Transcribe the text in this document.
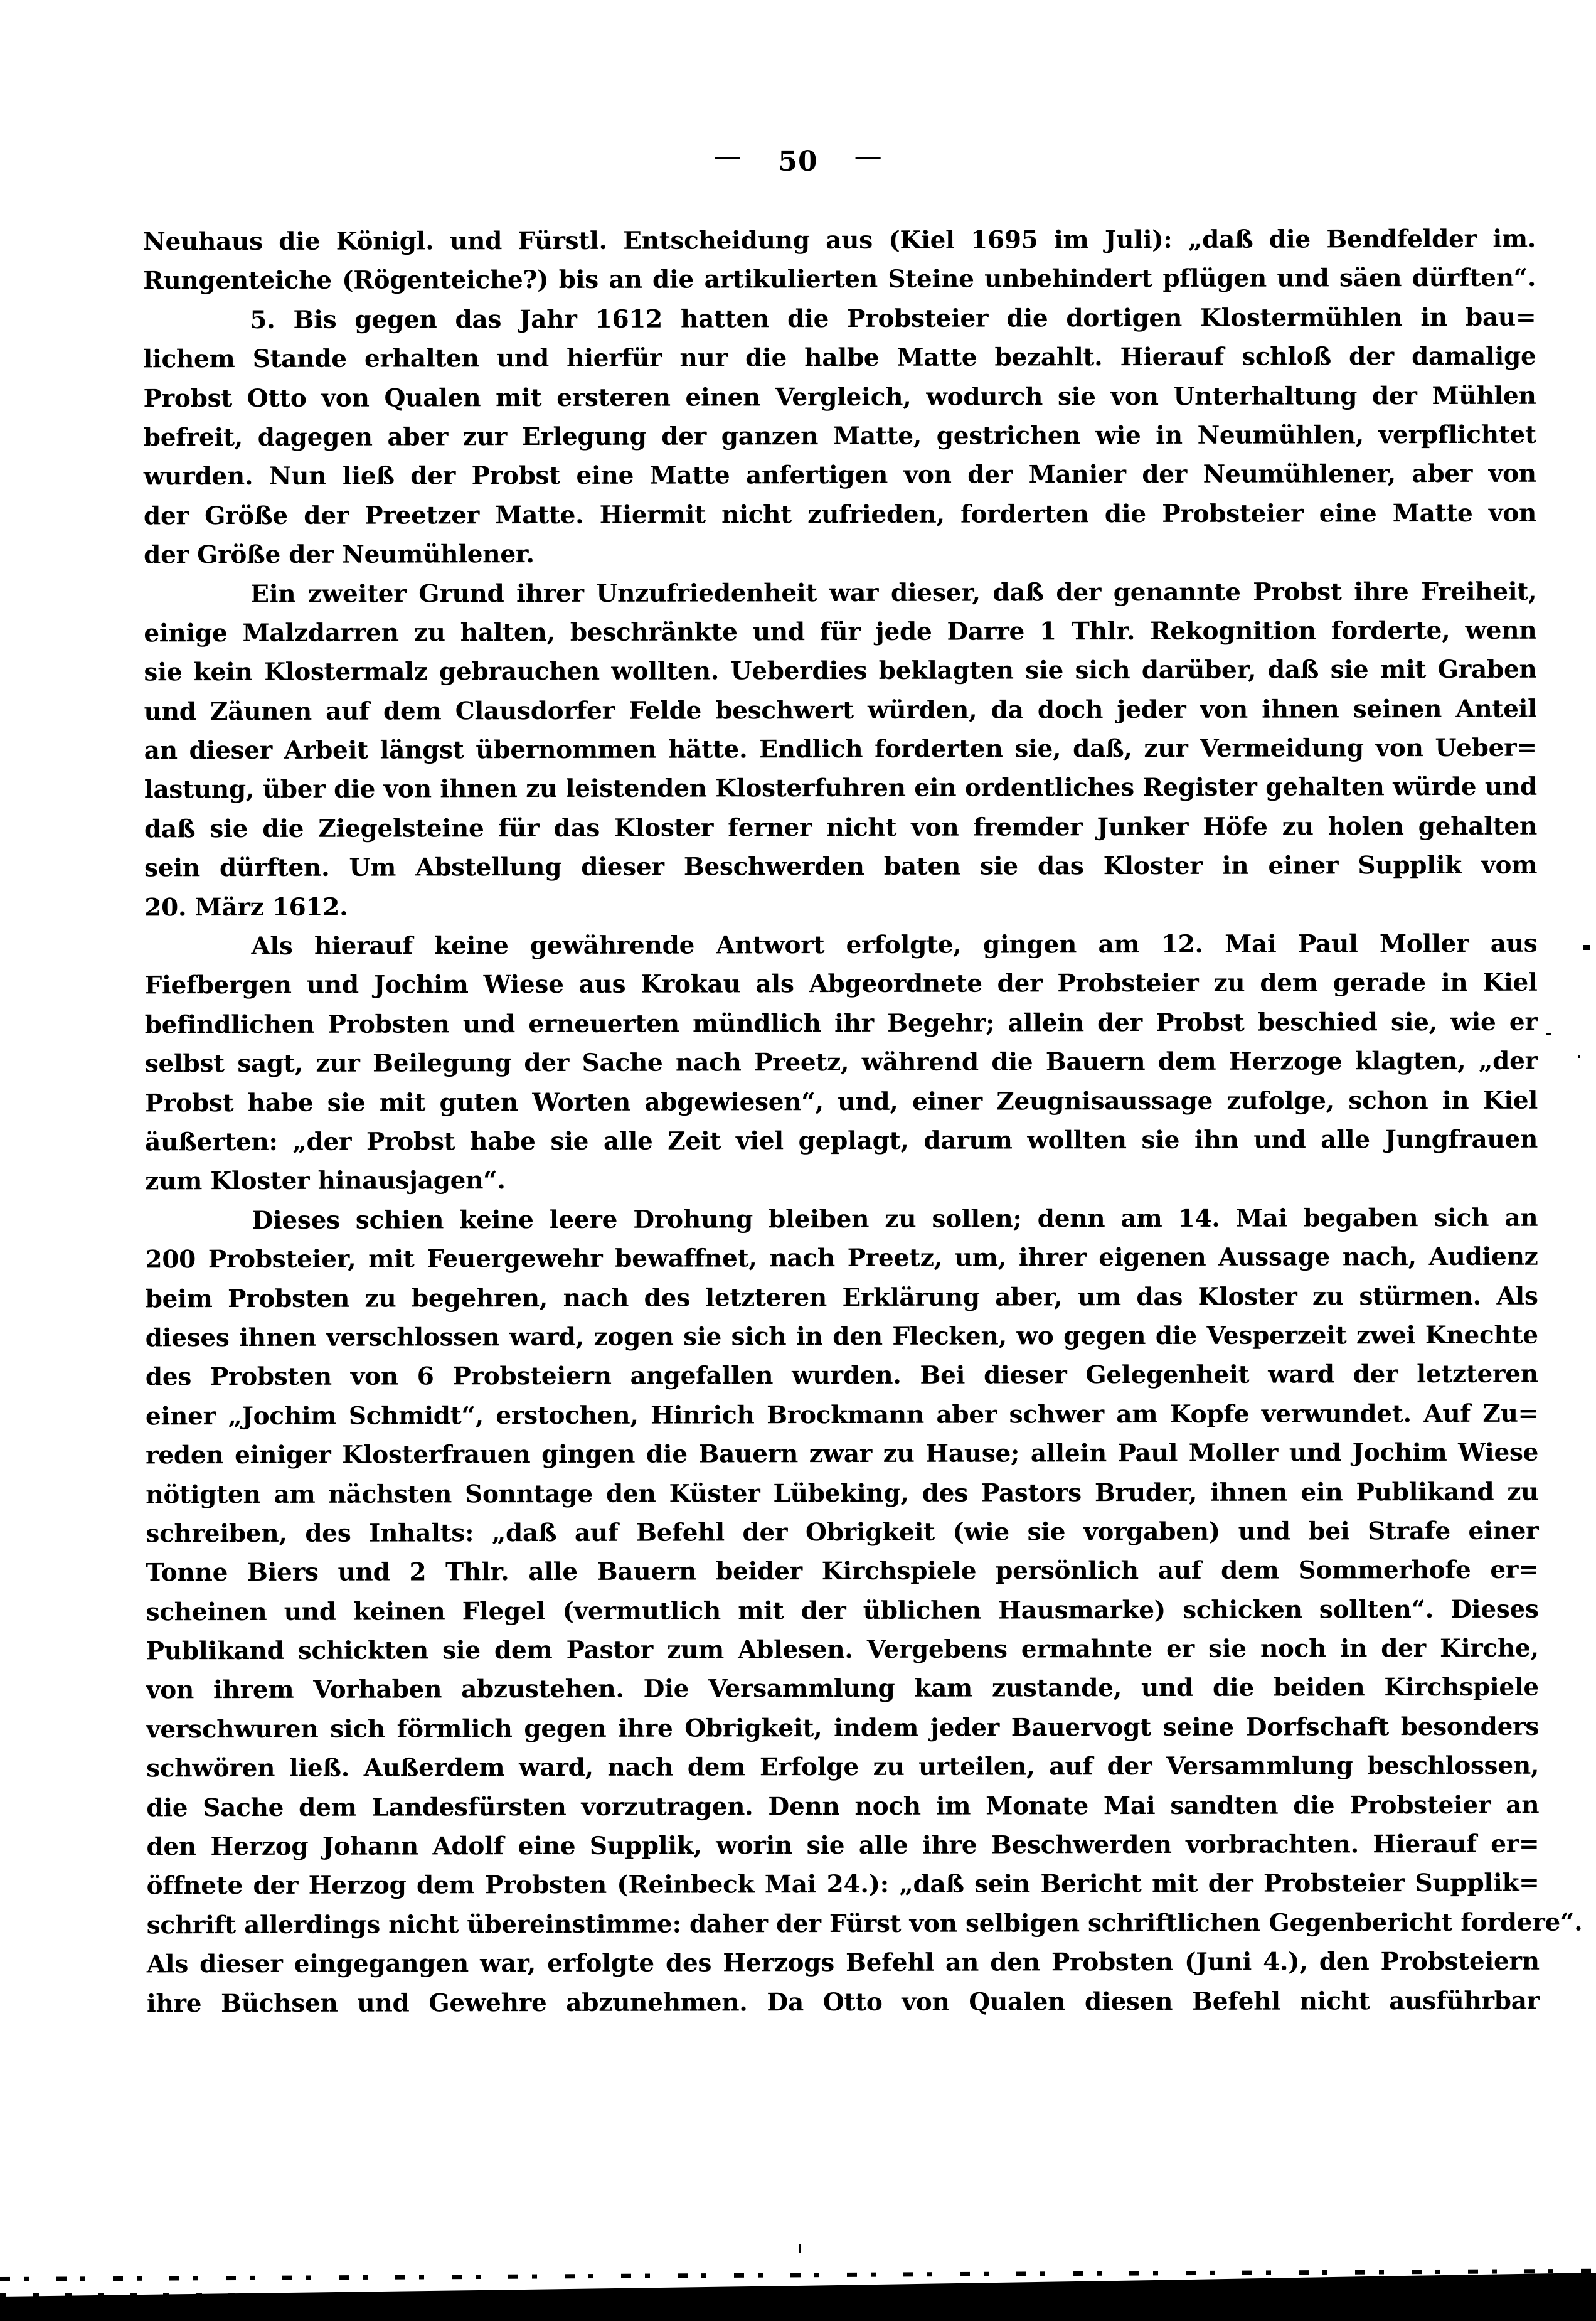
— 50 —
Neuhaus die Königl. und Fürstl. Entscheidung aus (Kiel 1695 im Juli): „daß die Bendfelder im.
Rungenteiche (Rögenteiche?) bis an die artikulierten Steine unbehindert pflügen und säen dürften“.
5. Bis gegen das Jahr 1612 hatten die Probsteier die dortigen Klostermühlen in bau=
lichem Stande erhalten und hierfür nur die halbe Matte bezahlt. Hierauf schloß der damalige
Probst Otto von Qualen mit ersteren einen Vergleich, wodurch sie von Unterhaltung der Mühlen
befreit, dagegen aber zur Erlegung der ganzen Matte, gestrichen wie in Neumühlen, verpflichtet
wurden. Nun ließ der Probst eine Matte anfertigen von der Manier der Neumühlener, aber von
der Größe der Preetzer Matte. Hiermit nicht zufrieden, forderten die Probsteier eine Matte von
der Größe der Neumühlener.
Ein zweiter Grund ihrer Unzufriedenheit war dieser, daß der genannte Probst ihre Freiheit,
einige Malzdarren zu halten, beschränkte und für jede Darre 1 Thlr. Rekognition forderte, wenn
sie kein Klostermalz gebrauchen wollten. Ueberdies beklagten sie sich darüber, daß sie mit Graben
und Zäunen auf dem Clausdorfer Felde beschwert würden, da doch jeder von ihnen seinen Anteil
an dieser Arbeit längst übernommen hätte. Endlich forderten sie, daß, zur Vermeidung von Ueber=
lastung, über die von ihnen zu leistenden Klosterfuhren ein ordentliches Register gehalten würde und
daß sie die Ziegelsteine für das Kloster ferner nicht von fremder Junker Höfe zu holen gehalten
sein dürften. Um Abstellung dieser Beschwerden baten sie das Kloster in einer Supplik vom
20. März 1612.
Als hierauf keine gewährende Antwort erfolgte, gingen am 12. Mai Paul Moller aus
Fiefbergen und Jochim Wiese aus Krokau als Abgeordnete der Probsteier zu dem gerade in Kiel
befindlichen Probsten und erneuerten mündlich ihr Begehr; allein der Probst beschied sie, wie er
selbst sagt, zur Beilegung der Sache nach Preetz, während die Bauern dem Herzoge klagten, „der
Probst habe sie mit guten Worten abgewiesen“, und, einer Zeugnisaussage zufolge, schon in Kiel
äußerten: „der Probst habe sie alle Zeit viel geplagt, darum wollten sie ihn und alle Jungfrauen
zum Kloster hinausjagen“.
Dieses schien keine leere Drohung bleiben zu sollen; denn am 14. Mai begaben sich an
200 Probsteier, mit Feuergewehr bewaffnet, nach Preetz, um, ihrer eigenen Aussage nach, Audienz
beim Probsten zu begehren, nach des letzteren Erklärung aber, um das Kloster zu stürmen. Als
dieses ihnen verschlossen ward, zogen sie sich in den Flecken, wo gegen die Vesperzeit zwei Knechte
des Probsten von 6 Probsteiern angefallen wurden. Bei dieser Gelegenheit ward der letzteren
einer „Jochim Schmidt“, erstochen, Hinrich Brockmann aber schwer am Kopfe verwundet. Auf Zu=
reden einiger Klosterfrauen gingen die Bauern zwar zu Hause; allein Paul Moller und Jochim Wiese
nötigten am nächsten Sonntage den Küster Lübeking, des Pastors Bruder, ihnen ein Publikand zu
schreiben, des Inhalts: „daß auf Befehl der Obrigkeit (wie sie vorgaben) und bei Strafe einer
Tonne Biers und 2 Thlr. alle Bauern beider Kirchspiele persönlich auf dem Sommerhofe er=
scheinen und keinen Flegel (vermutlich mit der üblichen Hausmarke) schicken sollten“. Dieses
Publikand schickten sie dem Pastor zum Ablesen. Vergebens ermahnte er sie noch in der Kirche,
von ihrem Vorhaben abzustehen. Die Versammlung kam zustande, und die beiden Kirchspiele
verschwuren sich förmlich gegen ihre Obrigkeit, indem jeder Bauervogt seine Dorfschaft besonders
schwören ließ. Außerdem ward, nach dem Erfolge zu urteilen, auf der Versammlung beschlossen,
die Sache dem Landesfürsten vorzutragen. Denn noch im Monate Mai sandten die Probsteier an
den Herzog Johann Adolf eine Supplik, worin sie alle ihre Beschwerden vorbrachten. Hierauf er=
öffnete der Herzog dem Probsten (Reinbeck Mai 24.): „daß sein Bericht mit der Probsteier Supplik=
schrift allerdings nicht übereinstimme: daher der Fürst von selbigen schriftlichen Gegenbericht fordere“.
Als dieser eingegangen war, erfolgte des Herzogs Befehl an den Probsten (Juni 4.), den Probsteiern
ihre Büchsen und Gewehre abzunehmen. Da Otto von Qualen diesen Befehl nicht ausführbar
